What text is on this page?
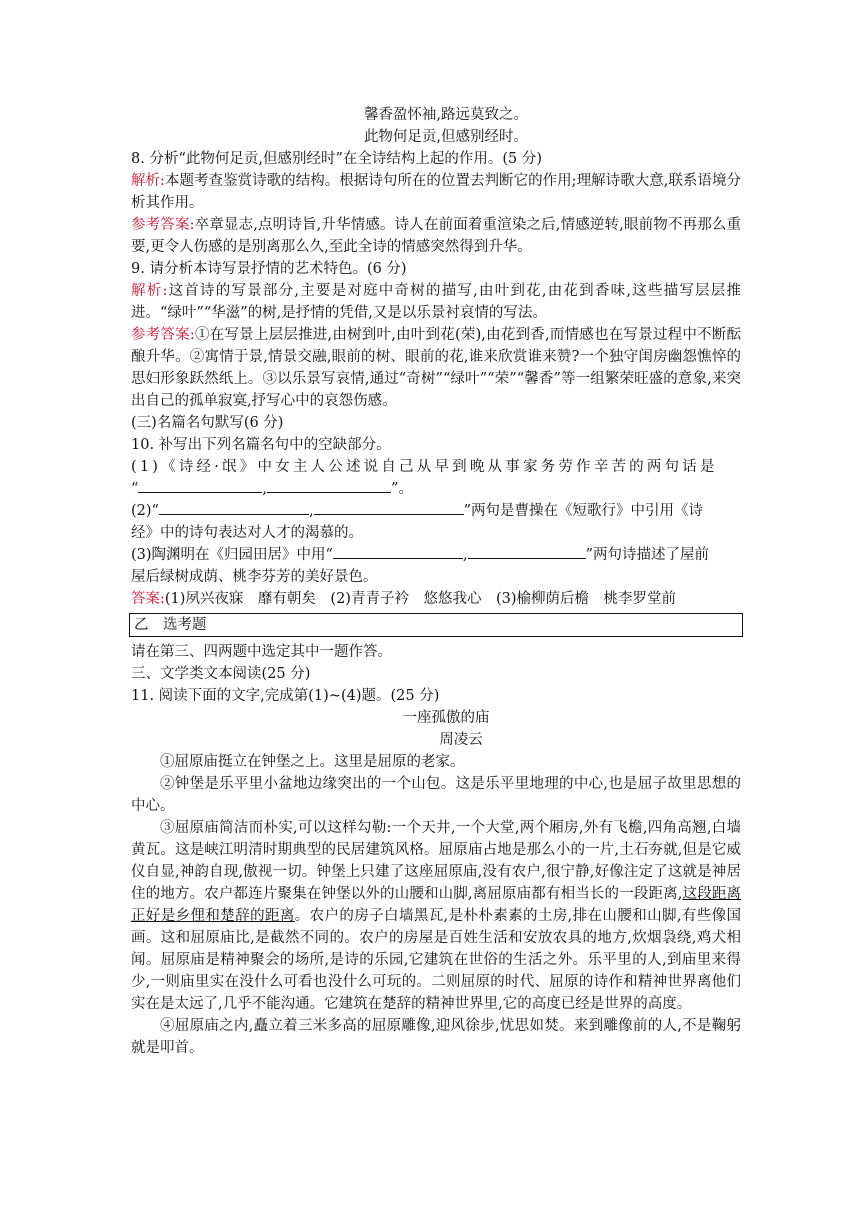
馨香盈怀袖,路远莫致之。
此物何足贡,但感别经时。
8. 分析“此物何足贡,但感别经时”在全诗结构上起的作用。(5 分)
解析:本题考查鉴赏诗歌的结构。根据诗句所在的位置去判断它的作用;理解诗歌大意,联系语境分析其作用。
参考答案:卒章显志,点明诗旨,升华情感。诗人在前面着重渲染之后,情感逆转,眼前物不再那么重要,更令人伤感的是别离那么久,至此全诗的情感突然得到升华。
9. 请分析本诗写景抒情的艺术特色。(6 分)
解析:这首诗的写景部分,主要是对庭中奇树的描写,由叶到花,由花到香味,这些描写层层推进。“绿叶”“华滋”的树,是抒情的凭借,又是以乐景衬哀情的写法。
参考答案:①在写景上层层推进,由树到叶,由叶到花(荣),由花到香,而情感也在写景过程中不断酝酿升华。②寓情于景,情景交融,眼前的树、眼前的花,谁来欣赏谁来赞?一个独守闺房幽怨憔悴的思妇形象跃然纸上。③以乐景写哀情,通过“奇树”“绿叶”“荣”“馨香”等一组繁荣旺盛的意象,来突出自己的孤单寂寞,抒写心中的哀怨伤感。
(三)名篇名句默写(6 分)
10. 补写出下列名篇名句中的空缺部分。
(1)《诗经·氓》中女主人公述说自己从早到晚从事家务劳作辛苦的两句话是
“	,	”。
(2)“	,	”两句是曹操在《短歌行》中引用《诗
经》中的诗句表达对人才的渴慕的。
(3)陶渊明在《归园田居》中用“	,	”两句诗描述了屋前
屋后绿树成荫、桃李芬芳的美好景色。
答案:(1)夙兴夜寐　靡有朝矣　(2)青青子衿　悠悠我心　(3)榆柳荫后檐　桃李罗堂前
乙　选考题
请在第三、四两题中选定其中一题作答。
三、文学类文本阅读(25 分)
11. 阅读下面的文字,完成第(1)~(4)题。(25 分)
一座孤傲的庙
周凌云
①屈原庙挺立在钟堡之上。这里是屈原的老家。
②钟堡是乐平里小盆地边缘突出的一个山包。这是乐平里地理的中心,也是屈子故里思想的中心。
③屈原庙简洁而朴实,可以这样勾勒:一个天井,一个大堂,两个厢房,外有飞檐,四角高翘,白墙黄瓦。这是峡江明清时期典型的民居建筑风格。屈原庙占地是那么小的一片,土石夯就,但是它威仪自显,神韵自现,傲视一切。钟堡上只建了这座屈原庙,没有农户,很宁静,好像注定了这就是神居住的地方。农户都连片聚集在钟堡以外的山腰和山脚,离屈原庙都有相当长的一段距离,这段距离正好是乡俚和楚辞的距离。农户的房子白墙黑瓦,是朴朴素素的土房,排在山腰和山脚,有些像国画。这和屈原庙比,是截然不同的。农户的房屋是百姓生活和安放农具的地方,炊烟袅绕,鸡犬相闻。屈原庙是精神聚会的场所,是诗的乐园,它建筑在世俗的生活之外。乐平里的人,到庙里来得少,一则庙里实在没什么可看也没什么可玩的。二则屈原的时代、屈原的诗作和精神世界离他们实在是太远了,几乎不能沟通。它建筑在楚辞的精神世界里,它的高度已经是世界的高度。
④屈原庙之内,矗立着三米多高的屈原雕像,迎风徐步,忧思如焚。来到雕像前的人,不是鞠躬就是叩首。
